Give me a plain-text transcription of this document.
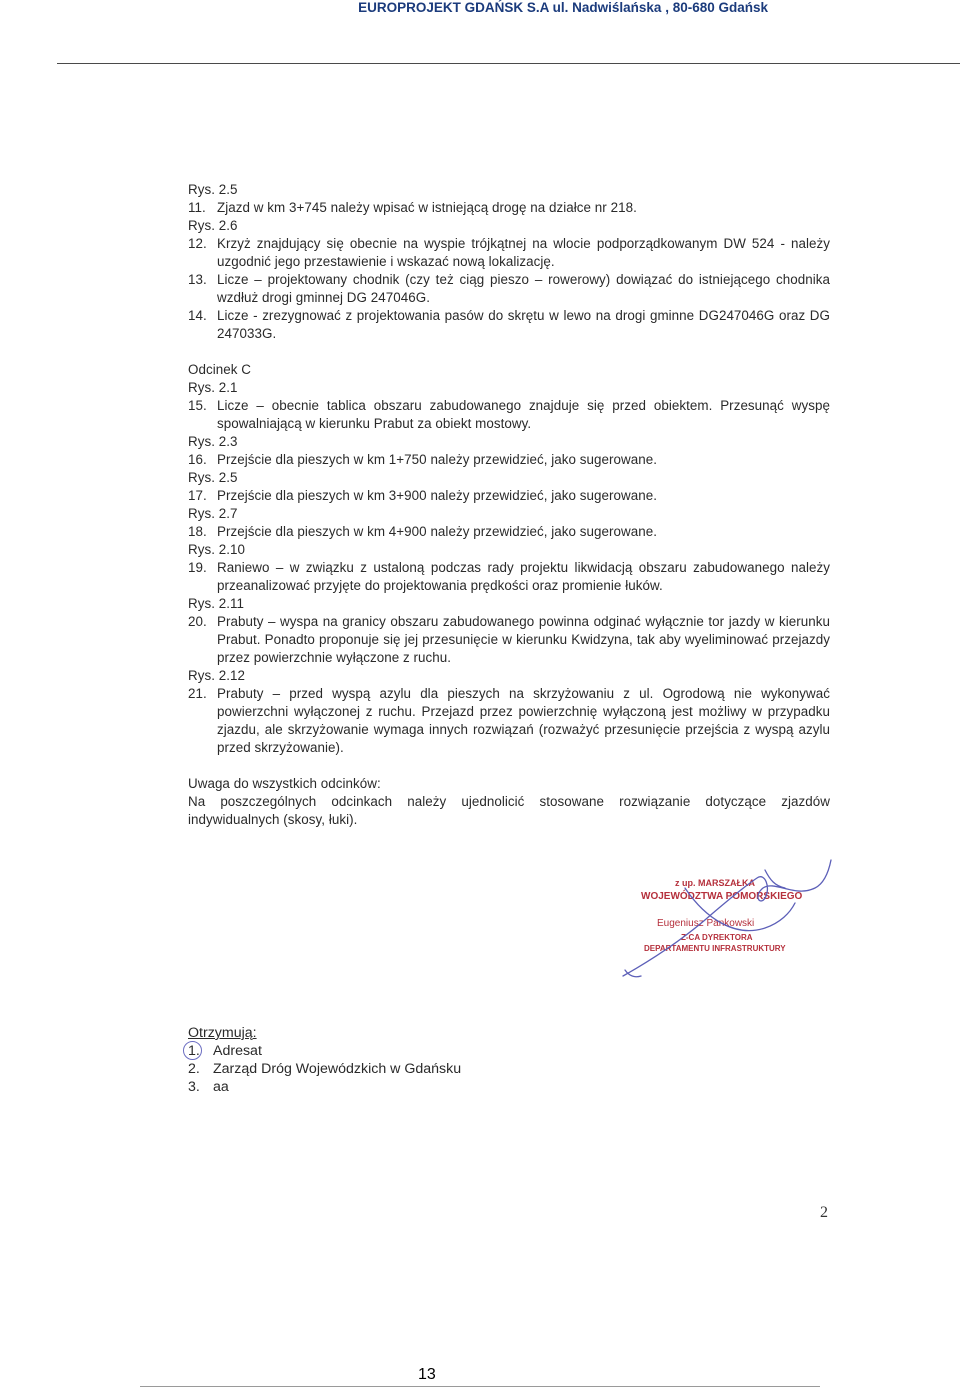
EUROPROJEKT GDAŃSK S.A ul. Nadwiślańska , 80-680 Gdańsk
Rys. 2.5
11. Zjazd w km 3+745 należy wpisać w istniejącą drogę na działce nr 218.
Rys. 2.6
12. Krzyż znajdujący się obecnie na wyspie trójkątnej na wlocie podporządkowanym DW 524 - należy uzgodnić jego przestawienie i wskazać nową lokalizację.
13. Licze – projektowany chodnik (czy też ciąg pieszo – rowerowy) dowiązać do istniejącego chodnika wzdłuż drogi gminnej DG 247046G.
14. Licze - zrezygnować z projektowania pasów do skrętu w lewo na drogi gminne DG247046G oraz DG 247033G.
Odcinek C
Rys. 2.1
15. Licze – obecnie tablica obszaru zabudowanego znajduje się przed obiektem. Przesunąć wyspę spowalniającą w kierunku Prabut za obiekt mostowy.
Rys. 2.3
16. Przejście dla pieszych w km 1+750 należy przewidzieć, jako sugerowane.
Rys. 2.5
17. Przejście dla pieszych w km 3+900 należy przewidzieć, jako sugerowane.
Rys. 2.7
18. Przejście dla pieszych w km 4+900 należy przewidzieć, jako sugerowane.
Rys. 2.10
19. Raniewo – w związku z ustaloną podczas rady projektu likwidacją obszaru zabudowanego należy przeanalizować przyjęte do projektowania prędkości oraz promienie łuków.
Rys. 2.11
20. Prabuty – wyspa na granicy obszaru zabudowanego powinna odginać wyłącznie tor jazdy w kierunku Prabut. Ponadto proponuje się jej przesunięcie w kierunku Kwidzyna, tak aby wyeliminować przejazdy przez powierzchnie wyłączone z ruchu.
Rys. 2.12
21. Prabuty – przed wyspą azylu dla pieszych na skrzyżowaniu z ul. Ogrodową nie wykonywać powierzchni wyłączonej z ruchu. Przejazd przez powierzchnię wyłączoną jest możliwy w przypadku zjazdu, ale skrzyżowanie wymaga innych rozwiązań (rozważyć przesunięcie przejścia z wyspą azylu przed skrzyżowanie).
Uwaga do wszystkich odcinków:
Na poszczególnych odcinkach należy ujednolicić stosowane rozwiązanie dotyczące zjazdów indywidualnych (skosy, łuki).
z up. MARSZAŁKA
WOJEWÓDZTWA POMORSKIEGO
Eugeniusz Pankowski
Z-CA DYREKTORA
DEPARTAMENTU INFRASTRUKTURY
Otrzymują:
1. Adresat
2. Zarząd Dróg Wojewódzkich w Gdańsku
3. aa
2
13
